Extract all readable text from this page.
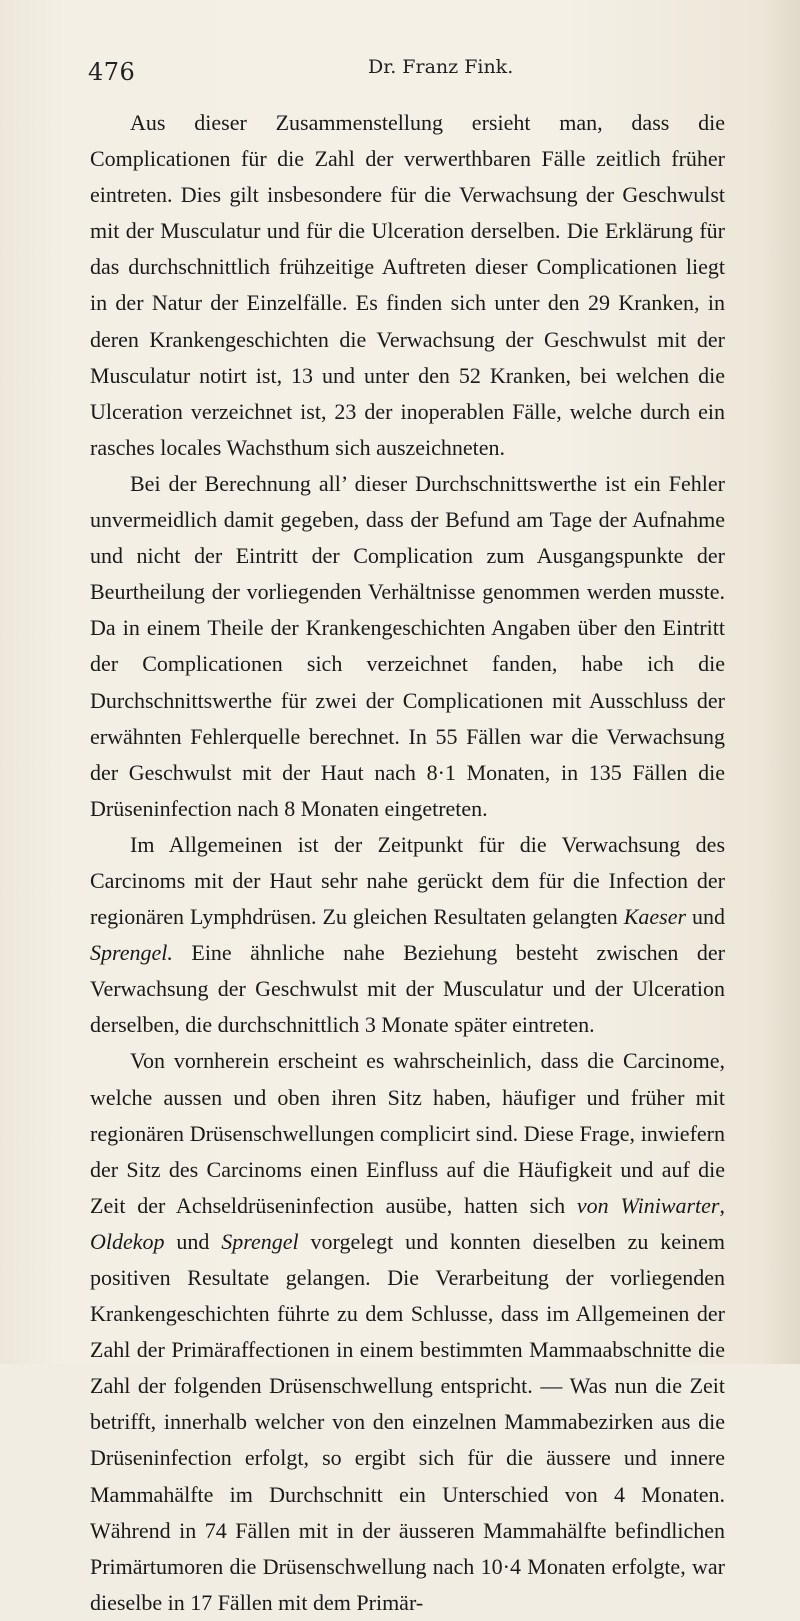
476	Dr. Franz Fink.

Aus dieser Zusammenstellung ersieht man, dass die Complicationen für die Zahl der verwerthbaren Fälle zeitlich früher eintreten. Dies gilt insbesondere für die Verwachsung der Geschwulst mit der Musculatur und für die Ulceration derselben. Die Erklärung für das durchschnittlich frühzeitige Auftreten dieser Complicationen liegt in der Natur der Einzelfälle. Es finden sich unter den 29 Kranken, in deren Krankengeschichten die Verwachsung der Geschwulst mit der Musculatur notirt ist, 13 und unter den 52 Kranken, bei welchen die Ulceration verzeichnet ist, 23 der inoperablen Fälle, welche durch ein rasches locales Wachsthum sich auszeichneten.

Bei der Berechnung all’ dieser Durchschnittswerthe ist ein Fehler unvermeidlich damit gegeben, dass der Befund am Tage der Aufnahme und nicht der Eintritt der Complication zum Ausgangspunkte der Beurtheilung der vorliegenden Verhältnisse genommen werden musste. Da in einem Theile der Krankengeschichten Angaben über den Eintritt der Complicationen sich verzeichnet fanden, habe ich die Durchschnittswerthe für zwei der Complicationen mit Ausschluss der erwähnten Fehlerquelle berechnet. In 55 Fällen war die Verwachsung der Geschwulst mit der Haut nach 8·1 Monaten, in 135 Fällen die Drüseninfection nach 8 Monaten eingetreten.

Im Allgemeinen ist der Zeitpunkt für die Verwachsung des Carcinoms mit der Haut sehr nahe gerückt dem für die Infection der regionären Lymphdrüsen. Zu gleichen Resultaten gelangten Kaeser und Sprengel. Eine ähnliche nahe Beziehung besteht zwischen der Verwachsung der Geschwulst mit der Musculatur und der Ulceration derselben, die durchschnittlich 3 Monate später eintreten.

Von vornherein erscheint es wahrscheinlich, dass die Carcinome, welche aussen und oben ihren Sitz haben, häufiger und früher mit regionären Drüsenschwellungen complicirt sind. Diese Frage, inwiefern der Sitz des Carcinoms einen Einfluss auf die Häufigkeit und auf die Zeit der Achseldrüseninfection ausübe, hatten sich von Winiwarter, Oldekop und Sprengel vorgelegt und konnten dieselben zu keinem positiven Resultate gelangen. Die Verarbeitung der vorliegenden Krankengeschichten führte zu dem Schlusse, dass im Allgemeinen der Zahl der Primäraffectionen in einem bestimmten Mammaabschnitte die Zahl der folgenden Drüsenschwellung entspricht. — Was nun die Zeit betrifft, innerhalb welcher von den einzelnen Mammabezirken aus die Drüseninfection erfolgt, so ergibt sich für die äussere und innere Mammahälfte im Durchschnitt ein Unterschied von 4 Monaten. Während in 74 Fällen mit in der äusseren Mammahälfte befindlichen Primärtumoren die Drüsenschwellung nach 10·4 Monaten erfolgte, war dieselbe in 17 Fällen mit dem Primär-
